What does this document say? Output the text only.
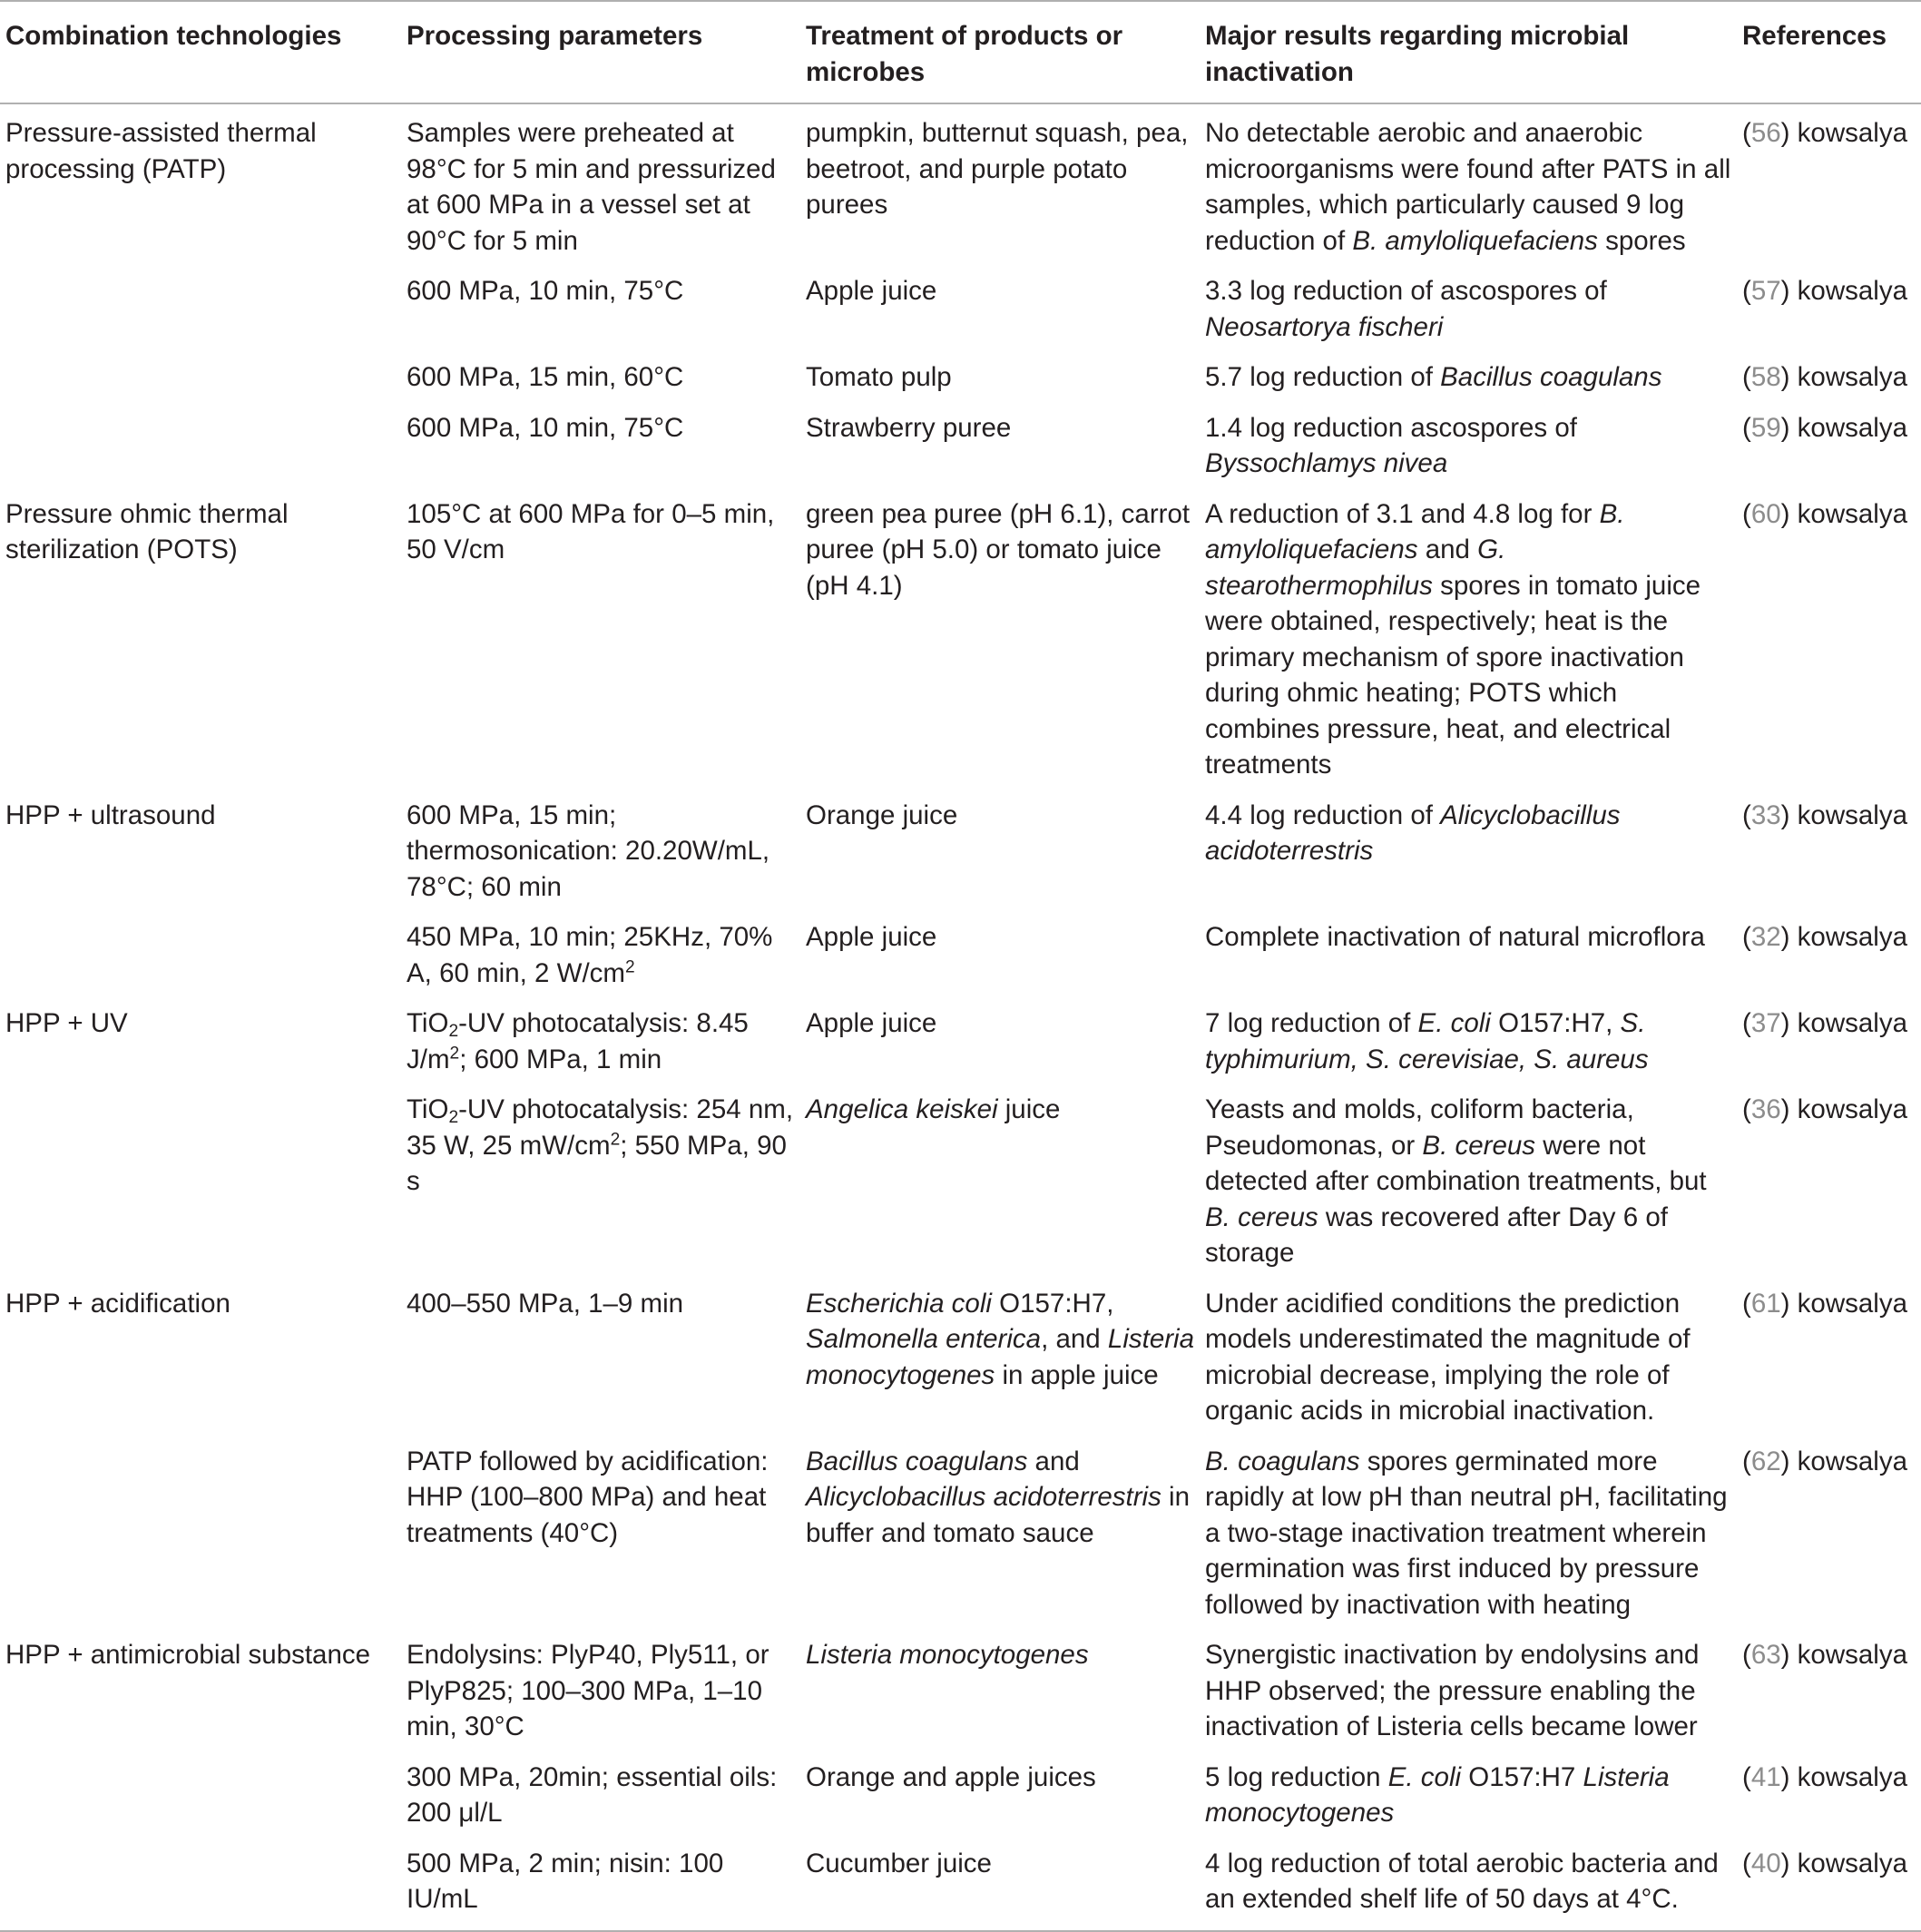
Combination technologies	Processing parameters	Treatment of products or microbes	Major results regarding microbial inactivation	References
Pressure-assisted thermal processing (PATP)	Samples were preheated at 98°C for 5 min and pressurized at 600 MPa in a vessel set at 90°C for 5 min	pumpkin, butternut squash, pea, beetroot, and purple potato purees	No detectable aerobic and anaerobic microorganisms were found after PATS in all samples, which particularly caused 9 log reduction of B. amyloliquefaciens spores	(56) kowsalya
	600 MPa, 10 min, 75°C	Apple juice	3.3 log reduction of ascospores of Neosartorya fischeri	(57) kowsalya
	600 MPa, 15 min, 60°C	Tomato pulp	5.7 log reduction of Bacillus coagulans	(58) kowsalya
	600 MPa, 10 min, 75°C	Strawberry puree	1.4 log reduction ascospores of Byssochlamys nivea	(59) kowsalya
Pressure ohmic thermal sterilization (POTS)	105°C at 600 MPa for 0–5 min, 50 V/cm	green pea puree (pH 6.1), carrot puree (pH 5.0) or tomato juice (pH 4.1)	A reduction of 3.1 and 4.8 log for B. amyloliquefaciens and G. stearothermophilus spores in tomato juice were obtained, respectively; heat is the primary mechanism of spore inactivation during ohmic heating; POTS which combines pressure, heat, and electrical treatments	(60) kowsalya
HPP + ultrasound	600 MPa, 15 min; thermosonication: 20.20W/mL, 78°C; 60 min	Orange juice	4.4 log reduction of Alicyclobacillus acidoterrestris	(33) kowsalya
	450 MPa, 10 min; 25KHz, 70% A, 60 min, 2 $W/cm^2$	Apple juice	Complete inactivation of natural microflora	(32) kowsalya
HPP + UV	TiO$_2$-UV photocatalysis: 8.45 $J/m^2$; 600 MPa, 1 min	Apple juice	7 log reduction of E. coli O157:H7, S. typhimurium, S. cerevisiae, S. aureus	(37) kowsalya
	TiO$_2$-UV photocatalysis: 254 nm, 35 W, 25 $mW/cm^2$; 550 MPa, 90 s	Angelica keiskei juice	Yeasts and molds, coliform bacteria, Pseudomonas, or B. cereus were not detected after combination treatments, but B. cereus was recovered after Day 6 of storage	(36) kowsalya
HPP + acidification	400–550 MPa, 1–9 min	Escherichia coli O157:H7, Salmonella enterica, and Listeria monocytogenes in apple juice	Under acidified conditions the prediction models underestimated the magnitude of microbial decrease, implying the role of organic acids in microbial inactivation.	(61) kowsalya
	PATP followed by acidification: HHP (100–800 MPa) and heat treatments (40°C)	Bacillus coagulans and Alicyclobacillus acidoterrestris in buffer and tomato sauce	B. coagulans spores germinated more rapidly at low pH than neutral pH, facilitating a two-stage inactivation treatment wherein germination was first induced by pressure followed by inactivation with heating	(62) kowsalya
HPP + antimicrobial substance	Endolysins: PlyP40, Ply511, or PlyP825; 100–300 MPa, 1–10 min, 30°C	Listeria monocytogenes	Synergistic inactivation by endolysins and HHP observed; the pressure enabling the inactivation of Listeria cells became lower	(63) kowsalya
	300 MPa, 20min; essential oils: 200 μl/L	Orange and apple juices	5 log reduction E. coli O157:H7 Listeria monocytogenes	(41) kowsalya
	500 MPa, 2 min; nisin: 100 IU/mL	Cucumber juice	4 log reduction of total aerobic bacteria and an extended shelf life of 50 days at 4°C.	(40) kowsalya
